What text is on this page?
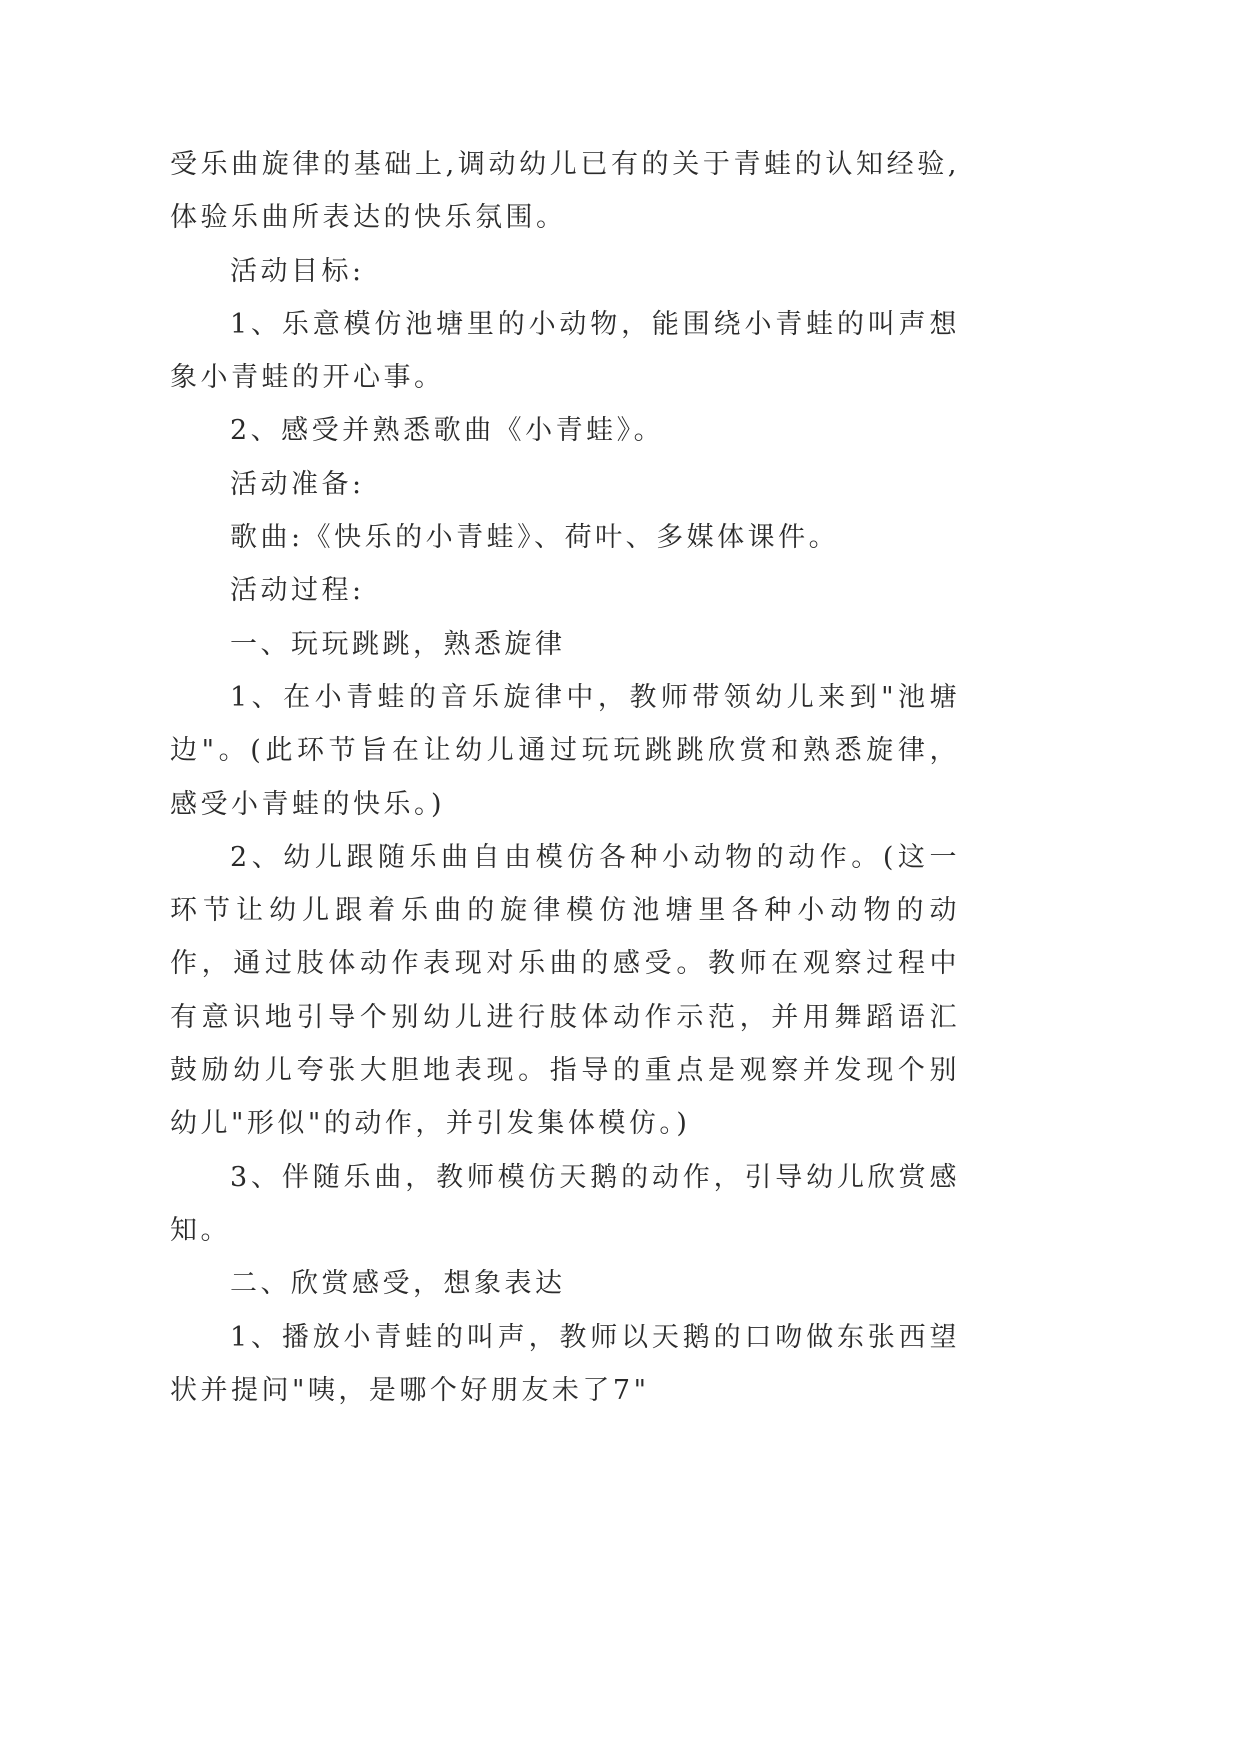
受乐曲旋律的基础上,调动幼儿已有的关于青蛙的认知经验,体验乐曲所表达的快乐氛围。

活动目标:

1、乐意模仿池塘里的小动物，能围绕小青蛙的叫声想象小青蛙的开心事。

2、感受并熟悉歌曲《小青蛙》。

活动准备:

歌曲:《快乐的小青蛙》、荷叶、多媒体课件。

活动过程:

一、玩玩跳跳，熟悉旋律

1、在小青蛙的音乐旋律中，教师带领幼儿来到"池塘边"。(此环节旨在让幼儿通过玩玩跳跳欣赏和熟悉旋律，感受小青蛙的快乐。)

2、幼儿跟随乐曲自由模仿各种小动物的动作。(这一环节让幼儿跟着乐曲的旋律模仿池塘里各种小动物的动作，通过肢体动作表现对乐曲的感受。教师在观察过程中有意识地引导个别幼儿进行肢体动作示范，并用舞蹈语汇鼓励幼儿夸张大胆地表现。指导的重点是观察并发现个别幼儿"形似"的动作，并引发集体模仿。)

3、伴随乐曲，教师模仿天鹅的动作，引导幼儿欣赏感知。

二、欣赏感受，想象表达

1、播放小青蛙的叫声，教师以天鹅的口吻做东张西望状并提问"咦，是哪个好朋友未了7"
